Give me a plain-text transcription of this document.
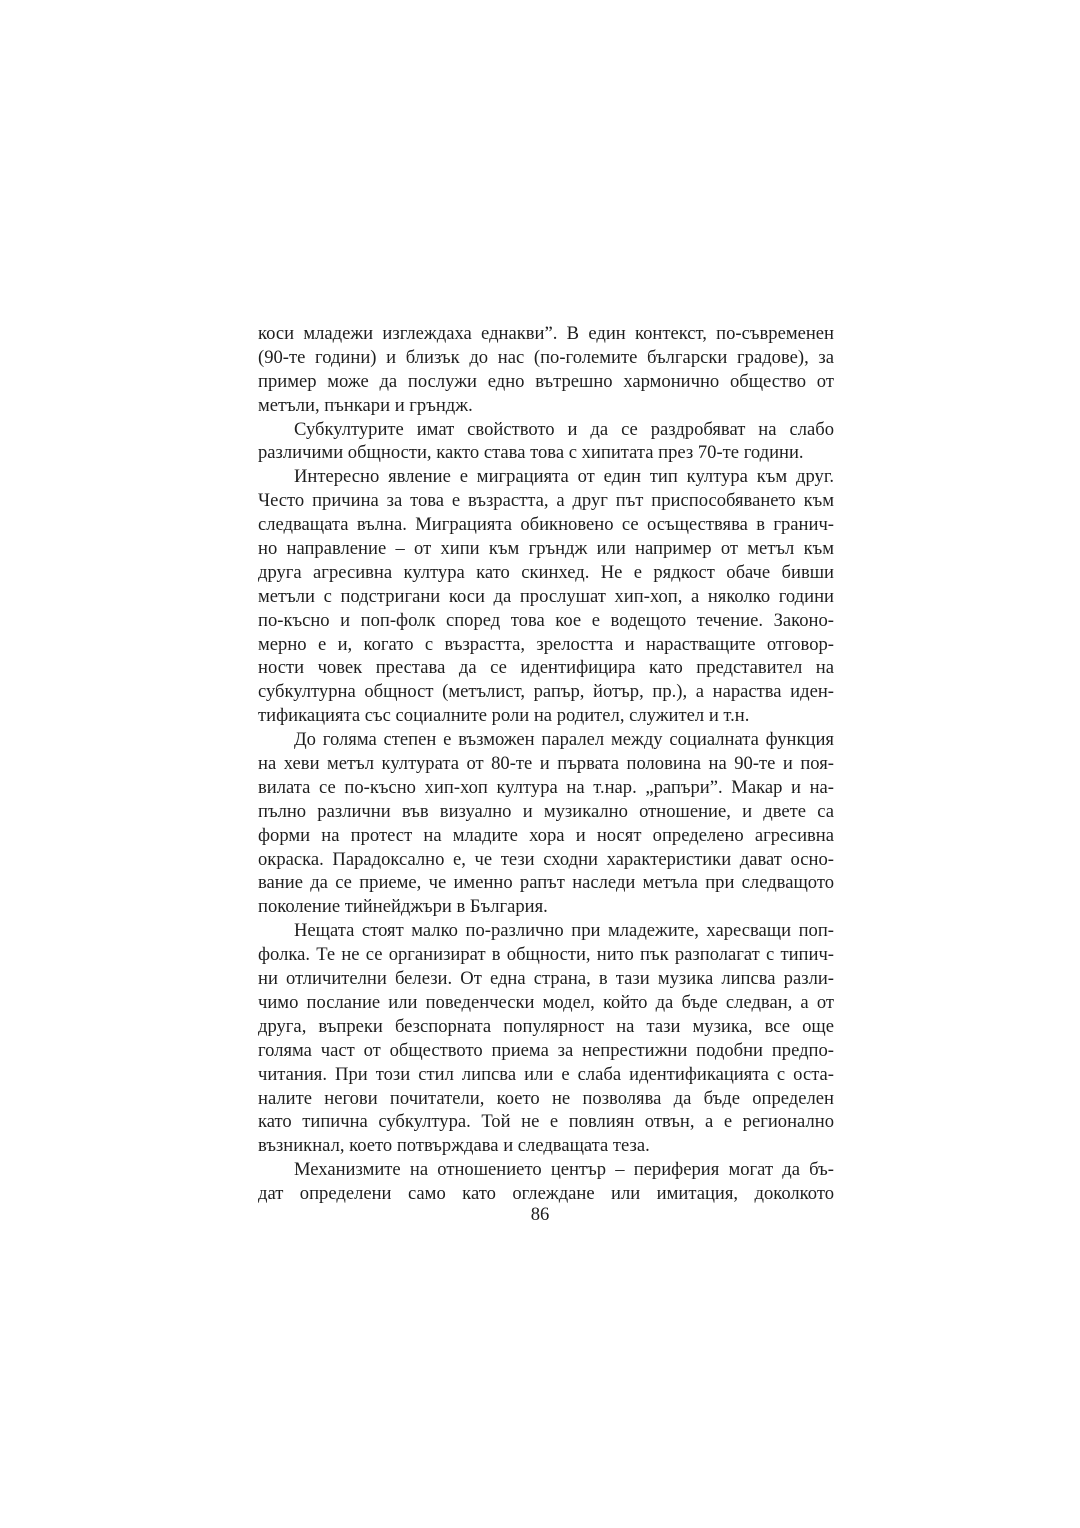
коси младежи изглеждаха еднакви”. В един контекст, по-съвременен
(90-те години) и близък до нас (по-големите български градове), за
пример може да послужи едно вътрешно хармонично общество от
метъли, пънкари и гръндж.
Субкултурите имат свойството и да се раздробяват на слабо
различими общности, както става това с хипитата през 70-те години.
Интересно явление е миграцията от един тип култура към друг.
Често причина за това е възрастта, а друг път приспособяването към
следващата вълна. Миграцията обикновено се осъществява в гранич-
но направление – от хипи към гръндж или например от метъл към
друга агресивна култура като скинхед. Не е рядкост обаче бивши
метъли с подстригани коси да прослушат хип-хоп, а няколко години
по-късно и поп-фолк според това кое е водещото течение. Законо-
мерно е и, когато с възрастта, зрелостта и нарастващите отговор-
ности човек престава да се идентифицира като представител на
субкултурна общност (метълист, рапър, йотър, пр.), а нараства иден-
тификацията със социалните роли на родител, служител и т.н.
До голяма степен е възможен паралел между социалната функция
на хеви метъл културата от 80-те и първата половина на 90-те и поя-
вилата се по-късно хип-хоп култура на т.нар. „рапъри”. Макар и на-
пълно различни във визуално и музикално отношение, и двете са
форми на протест на младите хора и носят определено агресивна
окраска. Парадоксално е, че тези сходни характеристики дават осно-
вание да се приеме, че именно рапът наследи метъла при следващото
поколение тийнейджъри в България.
Нещата стоят малко по-различно при младежите, харесващи поп-
фолка. Те не се организират в общности, нито пък разполагат с типич-
ни отличителни белези. От една страна, в тази музика липсва разли-
чимо послание или поведенчески модел, който да бъде следван, а от
друга, въпреки безспорната популярност на тази музика, все още
голяма част от обществото приема за непрестижни подобни предпо-
читания. При този стил липсва или е слаба идентификацията с оста-
налите негови почитатели, което не позволява да бъде определен
като типична субкултура. Той не е повлиян отвън, а е регионално
възникнал, което потвърждава и следващата теза.
Механизмите на отношението център – периферия могат да бъ-
дат определени само като оглеждане или имитация, доколкото
86
